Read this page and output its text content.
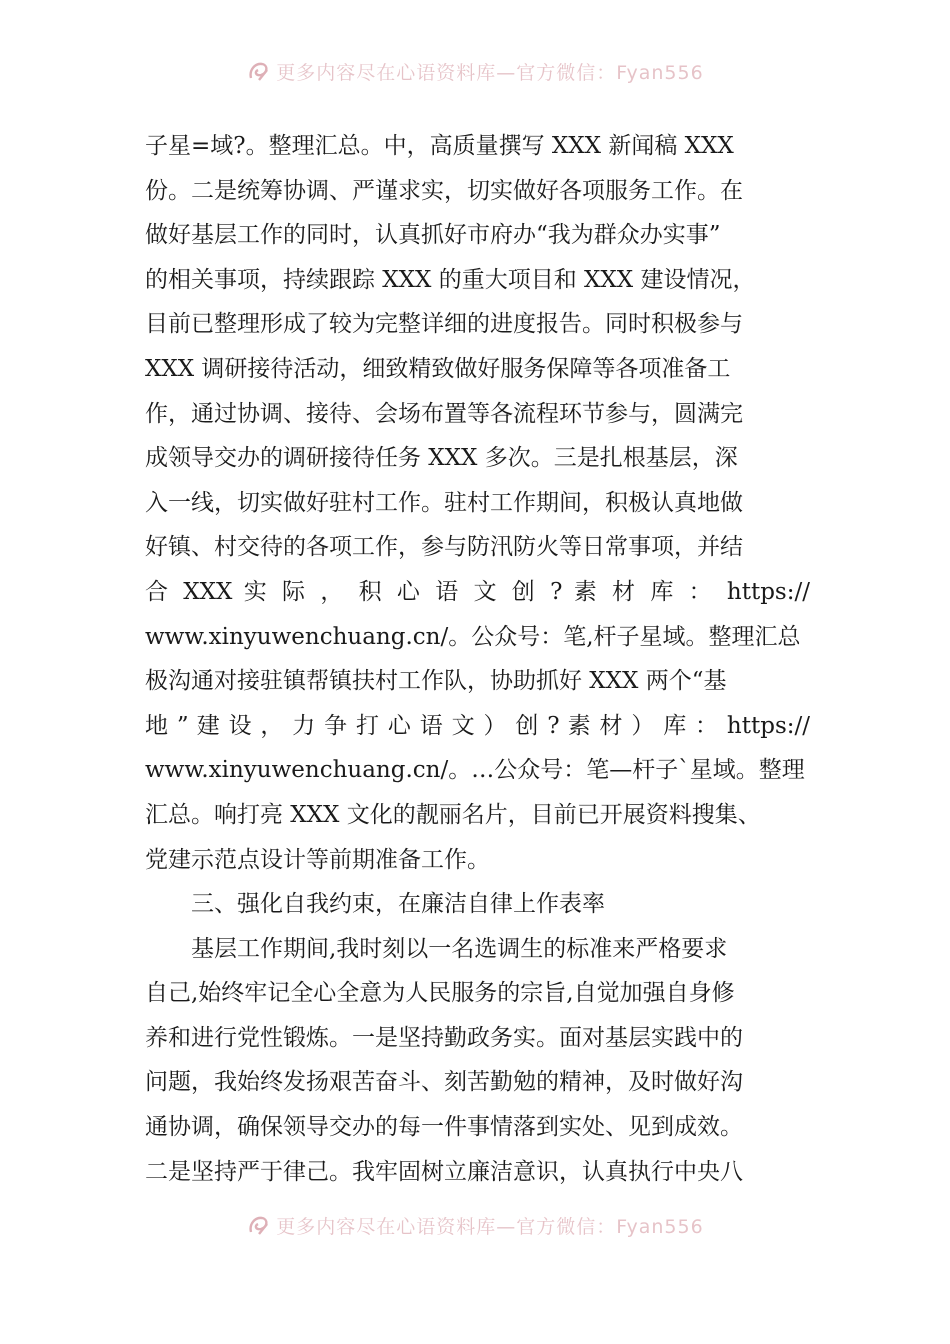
更多内容尽在心语资料库—官方微信：Fyan556
子星=域?。整理汇总。中，高质量撰写 XXX 新闻稿 XXX
份。二是统筹协调、严谨求实，切实做好各项服务工作。在
做好基层工作的同时，认真抓好市府办“我为群众办实事”
的相关事项，持续跟踪 XXX 的重大项目和 XXX 建设情况，
目前已整理形成了较为完整详细的进度报告。同时积极参与
XXX 调研接待活动，细致精致做好服务保障等各项准备工
作，通过协调、接待、会场布置等各流程环节参与，圆满完
成领导交办的调研接待任务 XXX 多次。三是扎根基层，深
入一线，切实做好驻村工作。驻村工作期间，积极认真地做
好镇、村交待的各项工作，参与防汛防火等日常事项，并结
合 XXX 实 际 ， 积 心 语 文 创 ? 素 材 库 ： https://
www.xinyuwenchuang.cn/。公众号：笔,杆子星域。整理汇总
极沟通对接驻镇帮镇扶村工作队，协助抓好 XXX 两个“基
地 ” 建 设 ， 力 争 打 心 语 文 ） 创 ? 素 材 ） 库 ： https://
www.xinyuwenchuang.cn/。…公众号：笔—杆子`星域。整理
汇总。响打亮 XXX 文化的靓丽名片，目前已开展资料搜集、
党建示范点设计等前期准备工作。
三、强化自我约束，在廉洁自律上作表率
基层工作期间,我时刻以一名选调生的标准来严格要求
自己,始终牢记全心全意为人民服务的宗旨,自觉加强自身修
养和进行党性锻炼。一是坚持勤政务实。面对基层实践中的
问题，我始终发扬艰苦奋斗、刻苦勤勉的精神，及时做好沟
通协调，确保领导交办的每一件事情落到实处、见到成效。
二是坚持严于律己。我牢固树立廉洁意识，认真执行中央八
更多内容尽在心语资料库—官方微信：Fyan556
